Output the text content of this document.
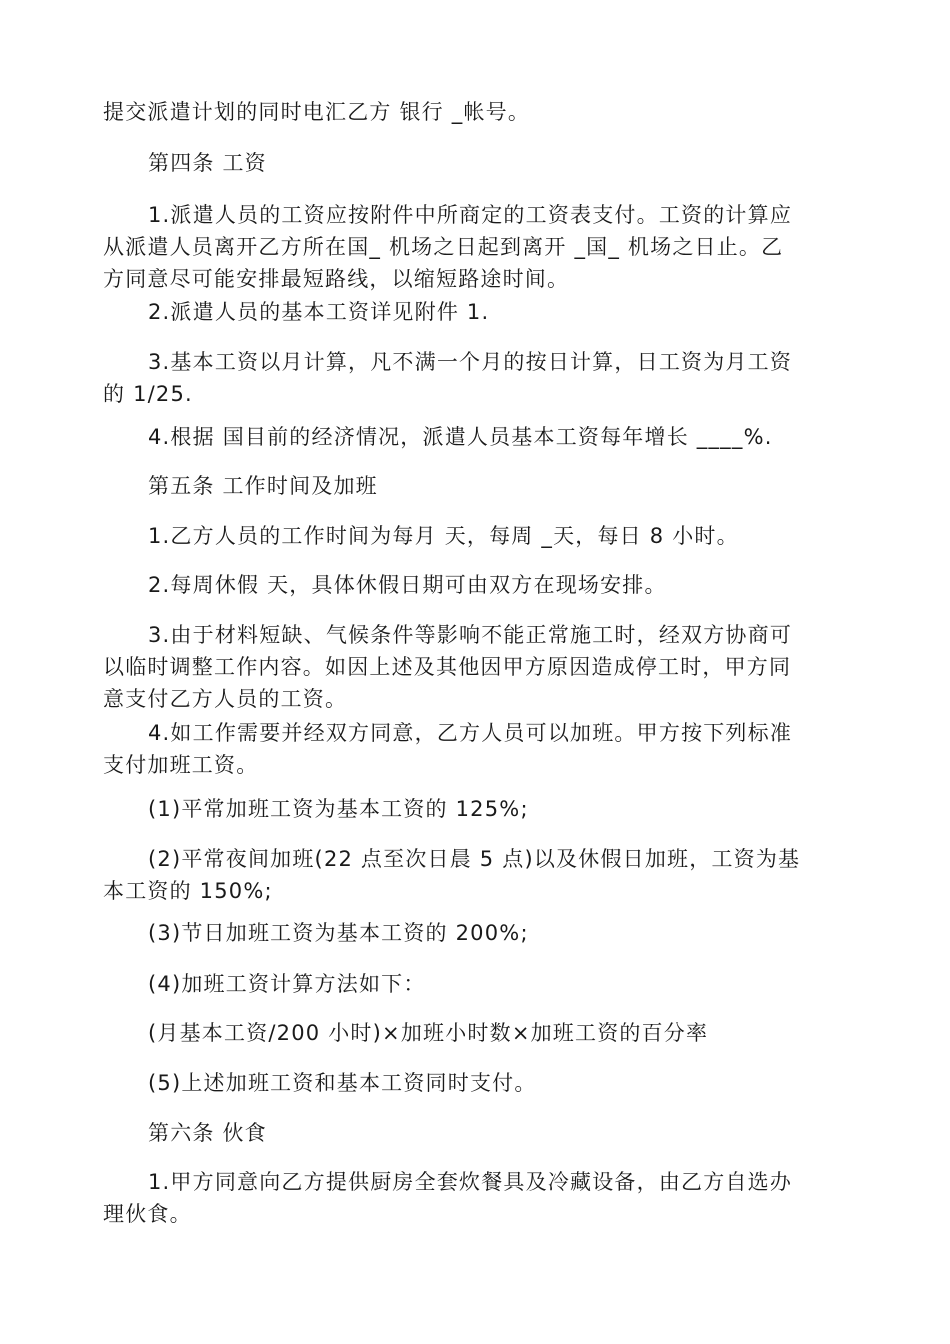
提交派遣计划的同时电汇乙方 银行 _帐号。
第四条 工资
1.派遣人员的工资应按附件中所商定的工资表支付。工资的计算应
从派遣人员离开乙方所在国_ 机场之日起到离开 _国_ 机场之日止。乙
方同意尽可能安排最短路线，以缩短路途时间。
2.派遣人员的基本工资详见附件 1.
3.基本工资以月计算，凡不满一个月的按日计算，日工资为月工资
的 1/25.
4.根据 国目前的经济情况，派遣人员基本工资每年增长 ____%.
第五条 工作时间及加班
1.乙方人员的工作时间为每月 天，每周 _天，每日 8 小时。
2.每周休假 天，具体休假日期可由双方在现场安排。
3.由于材料短缺、气候条件等影响不能正常施工时，经双方协商可
以临时调整工作内容。如因上述及其他因甲方原因造成停工时，甲方同
意支付乙方人员的工资。
4.如工作需要并经双方同意，乙方人员可以加班。甲方按下列标准
支付加班工资。
(1)平常加班工资为基本工资的 125%;
(2)平常夜间加班(22 点至次日晨 5 点)以及休假日加班，工资为基
本工资的 150%;
(3)节日加班工资为基本工资的 200%;
(4)加班工资计算方法如下：
(月基本工资/200 小时)×加班小时数×加班工资的百分率
(5)上述加班工资和基本工资同时支付。
第六条 伙食
1.甲方同意向乙方提供厨房全套炊餐具及冷藏设备，由乙方自选办
理伙食。
